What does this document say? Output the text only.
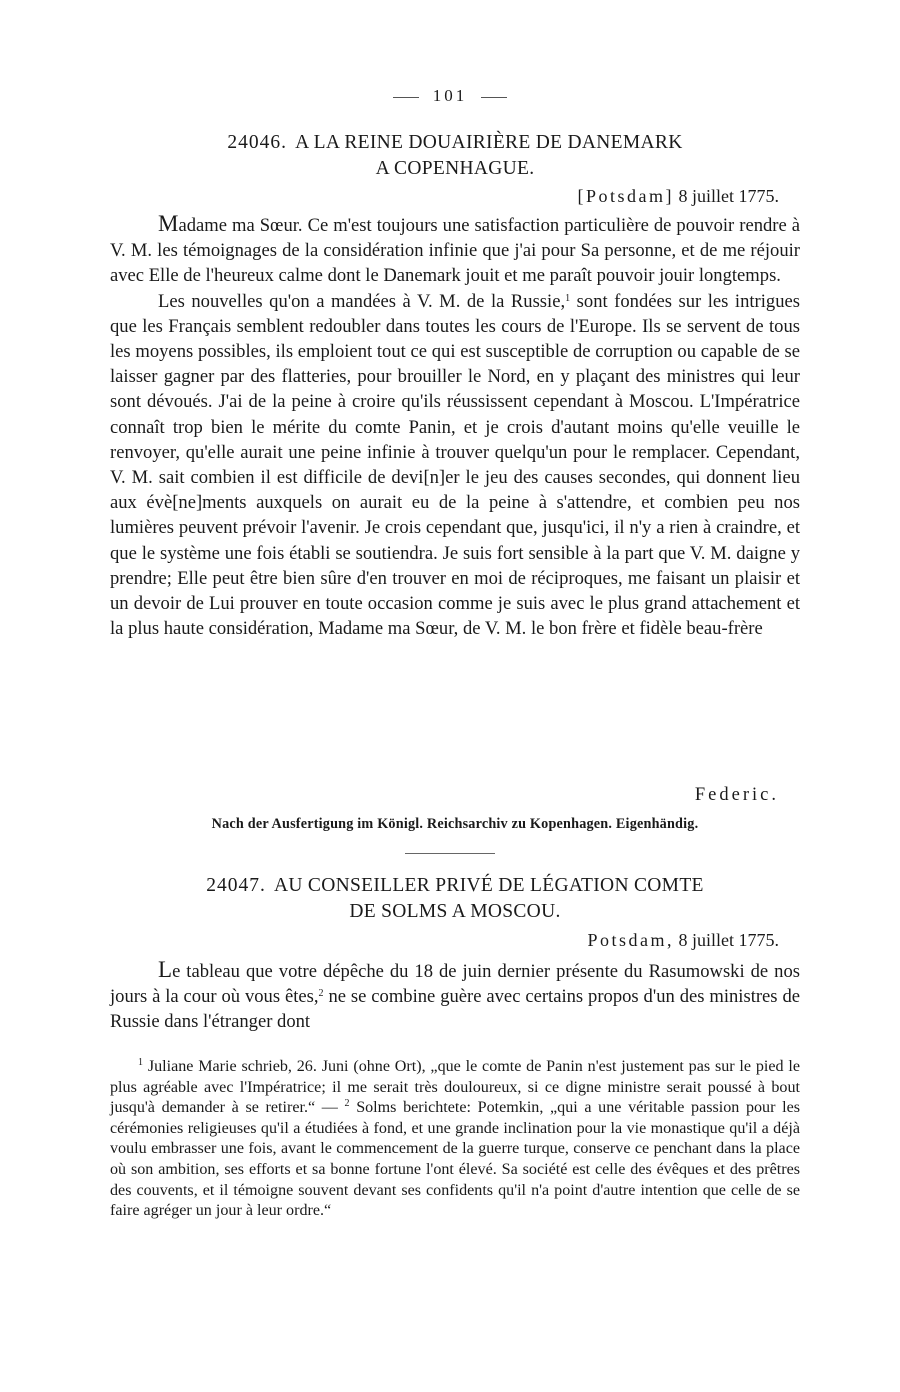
101
24046. A LA REINE DOUAIRIÈRE DE DANEMARK
A COPENHAGUE.
[Potsdam] 8 juillet 1775.

Madame ma Sœur. Ce m'est toujours une satisfaction particulière de pouvoir rendre à V. M. les témoignages de la considération infinie que j'ai pour Sa personne, et de me réjouir avec Elle de l'heureux calme dont le Danemark jouit et me paraît pouvoir jouir longtemps.

Les nouvelles qu'on a mandées à V. M. de la Russie,$^1$ sont fondées sur les intrigues que les Français semblent redoubler dans toutes les cours de l'Europe. Ils se servent de tous les moyens possibles, ils emploient tout ce qui est susceptible de corruption ou capable de se laisser gagner par des flatteries, pour brouiller le Nord, en y plaçant des ministres qui leur sont dévoués. J'ai de la peine à croire qu'ils réussissent cependant à Moscou. L'Impératrice connaît trop bien le mérite du comte Panin, et je crois d'autant moins qu'elle veuille le renvoyer, qu'elle aurait une peine infinie à trouver quelqu'un pour le remplacer. Cependant, V. M. sait combien il est difficile de devi[n]er le jeu des causes secondes, qui donnent lieu aux évè[ne]ments auxquels on aurait eu de la peine à s'attendre, et combien peu nos lumières peuvent prévoir l'avenir. Je crois cependant que, jusqu'ici, il n'y a rien à craindre, et que le système une fois établi se soutiendra. Je suis fort sensible à la part que V. M. daigne y prendre; Elle peut être bien sûre d'en trouver en moi de réciproques, me faisant un plaisir et un devoir de Lui prouver en toute occasion comme je suis avec le plus grand attachement et la plus haute considération, Madame ma Sœur, de V. M. le bon frère et fidèle beau-frère

Federic.
Nach der Ausfertigung im Königl. Reichsarchiv zu Kopenhagen. Eigenhändig.
24047. AU CONSEILLER PRIVÉ DE LÉGATION COMTE
DE SOLMS A MOSCOU.
Potsdam, 8 juillet 1775.

Le tableau que votre dépêche du 18 de juin dernier présente du Rasumowski de nos jours à la cour où vous êtes,$^2$ ne se combine guère avec certains propos d'un des ministres de Russie dans l'étranger dont

$^1$ Juliane Marie schrieb, 26. Juni (ohne Ort), „que le comte de Panin n'est justement pas sur le pied le plus agréable avec l'Impératrice; il me serait très douloureux, si ce digne ministre serait poussé à bout jusqu'à demander à se retirer.“ — $^2$ Solms berichtete: Potemkin, „qui a une véritable passion pour les cérémonies religieuses qu'il a étudiées à fond, et une grande inclination pour la vie monastique qu'il a déjà voulu embrasser une fois, avant le commencement de la guerre turque, conserve ce penchant dans la place où son ambition, ses efforts et sa bonne fortune l'ont élevé. Sa société est celle des évêques et des prêtres des couvents, et il témoigne souvent devant ses confidents qu'il n'a point d'autre intention que celle de se faire agréger un jour à leur ordre.“
